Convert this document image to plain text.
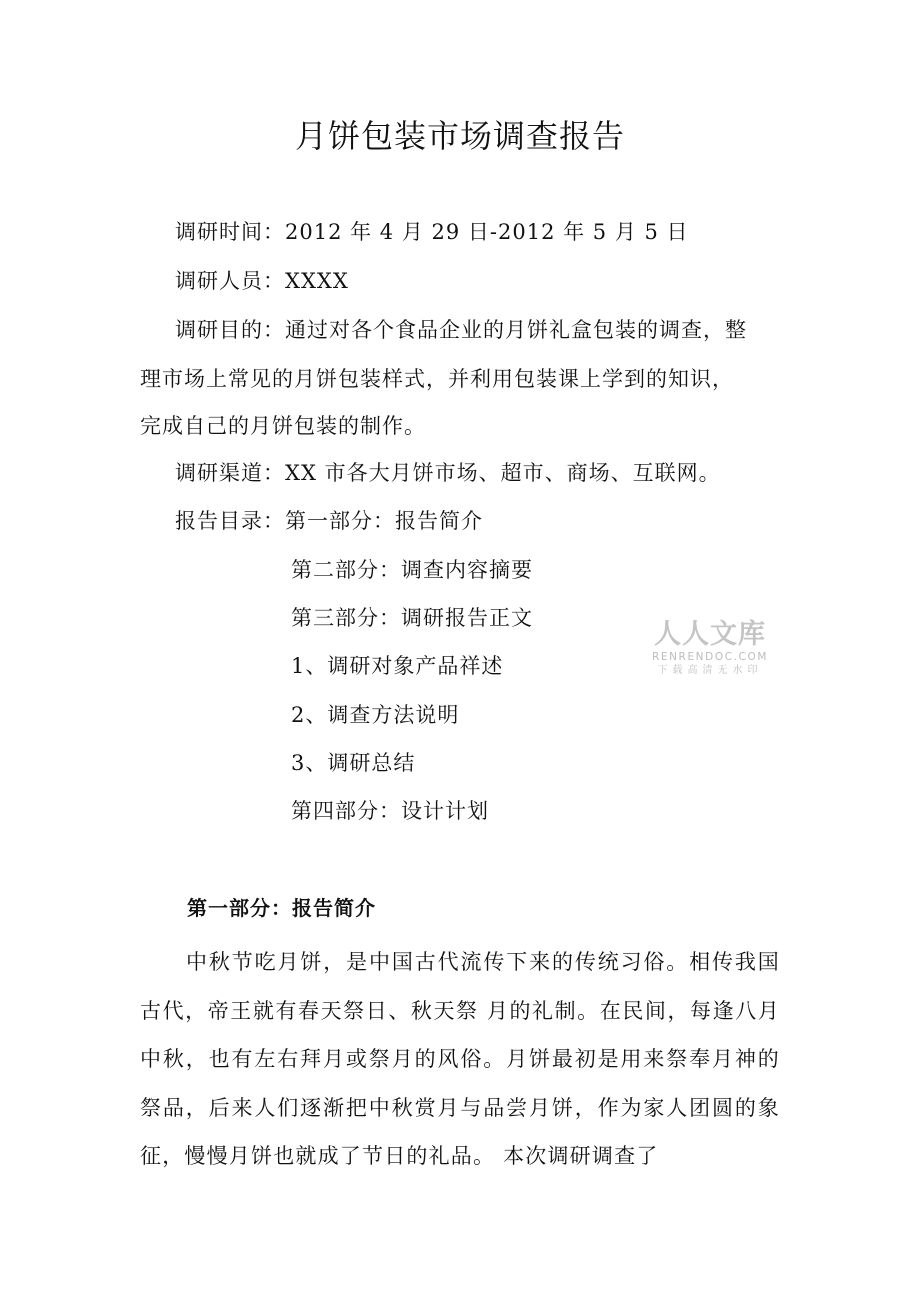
月饼包装市场调查报告
调研时间：2012 年 4 月 29 日-2012 年 5 月 5 日
调研人员：XXXX
调研目的：通过对各个食品企业的月饼礼盒包装的调查，整
理市场上常见的月饼包装样式，并利用包装课上学到的知识，
完成自己的月饼包装的制作。
调研渠道：XX 市各大月饼市场、超市、商场、互联网。
报告目录：第一部分：报告简介
第二部分：调查内容摘要
第三部分：调研报告正文
1、调研对象产品祥述
2、调查方法说明
3、调研总结
第四部分：设计计划
第一部分：报告简介

中秋节吃月饼，是中国古代流传下来的传统习俗。相传我国古代，帝王就有春天祭日、秋天祭 月的礼制。在民间，每逢八月中秋，也有左右拜月或祭月的风俗。月饼最初是用来祭奉月神的祭品，后来人们逐渐把中秋赏月与品尝月饼，作为家人团圆的象征，慢慢月饼也就成了节日的礼品。 本次调研调查了

人人文库
RENRENDOC.COM
下载高清无水印
